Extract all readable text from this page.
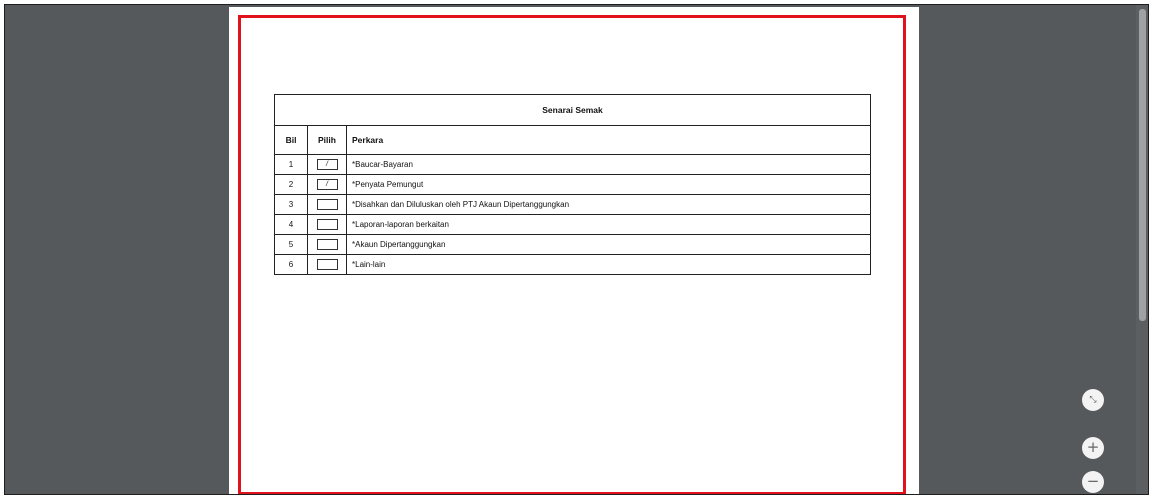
Senarai Semak		
Bil	Pilih	Perkara
1	/	*Baucar-Bayaran
2	/	*Penyata Pemungut
3		*Disahkan dan Diluluskan oleh PTJ Akaun Dipertanggungkan
4		*Laporan-laporan berkaitan
5		*Akaun Dipertanggungkan
6		*Lain-lain
⤡
+
−
